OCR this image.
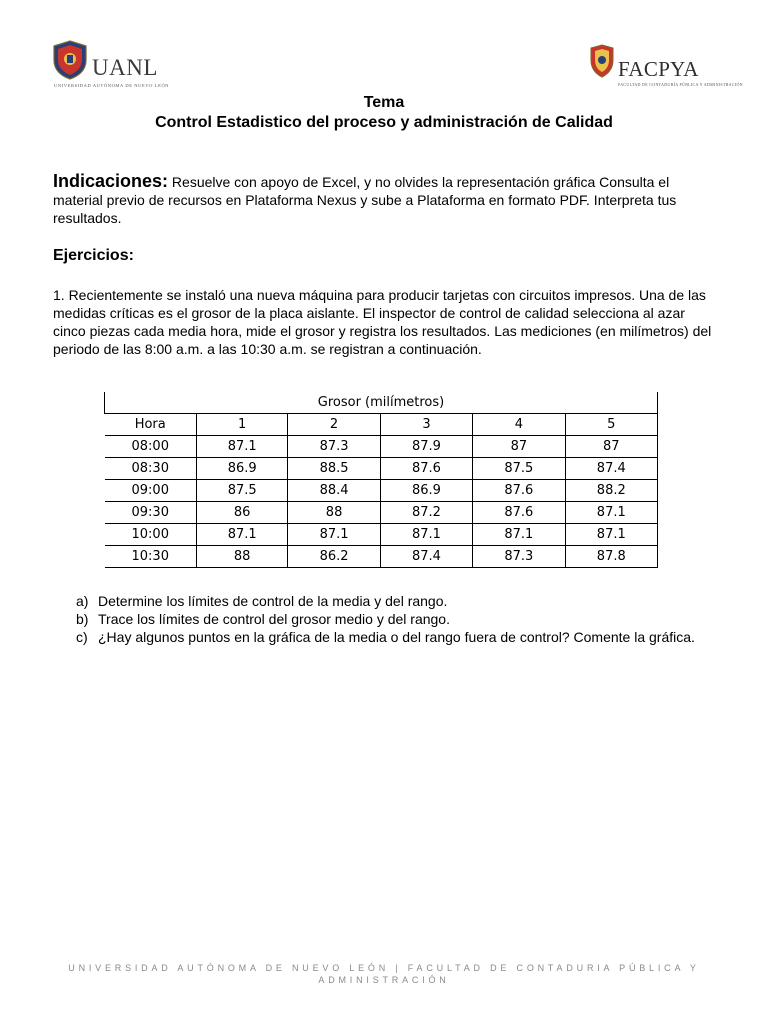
UANL
UNIVERSIDAD AUTÓNOMA DE NUEVO LEÓN
FACPYA
FACULTAD DE CONTADURÍA PÚBLICA Y ADMINISTRACIÓN
Tema
Control Estadistico del proceso y administración de Calidad
Indicaciones: Resuelve con apoyo de Excel, y no olvides la representación gráfica Consulta el material previo de recursos en Plataforma Nexus y sube a Plataforma en formato PDF. Interpreta tus resultados.
Ejercicios:
1. Recientemente se instaló una nueva máquina para producir tarjetas con circuitos impresos. Una de las medidas críticas es el grosor de la placa aislante. El inspector de control de calidad selecciona al azar cinco piezas cada media hora, mide el grosor y registra los resultados. Las mediciones (en milímetros) del periodo de las 8:00 a.m. a las 10:30 a.m. se registran a continuación.
Grosor (milímetros)					
Hora	1	2	3	4	5
08:00	87.1	87.3	87.9	87	87
08:30	86.9	88.5	87.6	87.5	87.4
09:00	87.5	88.4	86.9	87.6	88.2
09:30	86	88	87.2	87.6	87.1
10:00	87.1	87.1	87.1	87.1	87.1
10:30	88	86.2	87.4	87.3	87.8
a) Determine los límites de control de la media y del rango.
b) Trace los límites de control del grosor medio y del rango.
c) ¿Hay algunos puntos en la gráfica de la media o del rango fuera de control? Comente la gráfica.
UNIVERSIDAD AUTÓNOMA DE NUEVO LEÓN | FACULTAD DE CONTADURIA PÚBLICA Y ADMINISTRACIÓN
